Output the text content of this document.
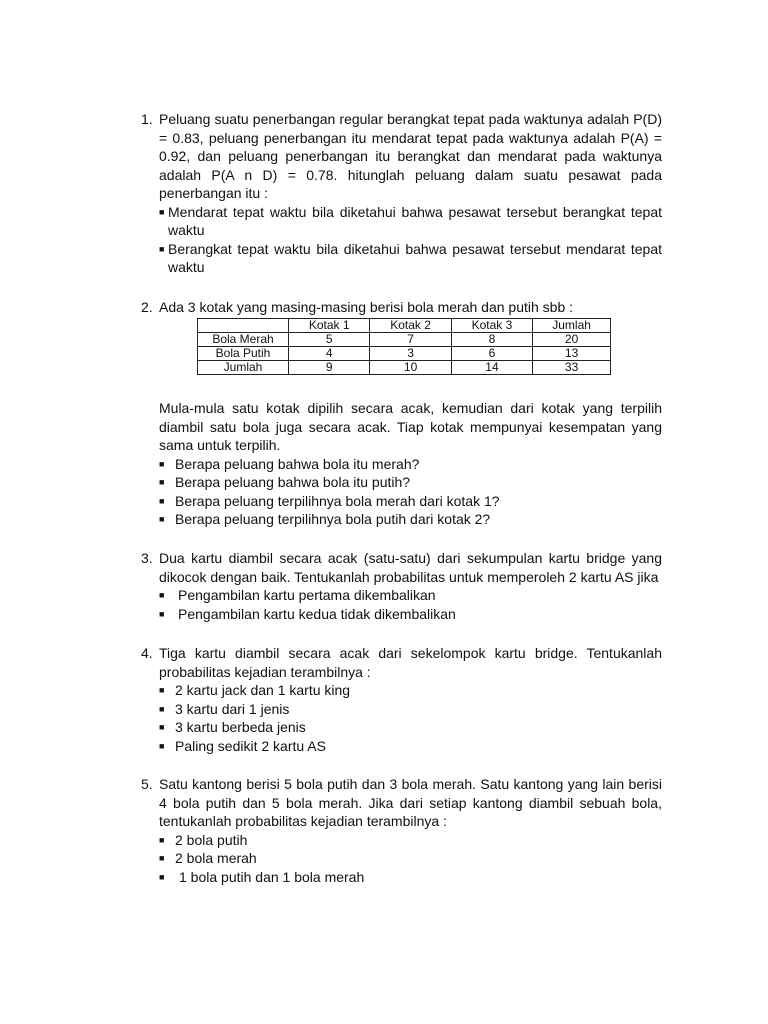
1. Peluang suatu penerbangan regular berangkat tepat pada waktunya adalah P(D) = 0.83, peluang penerbangan itu mendarat tepat pada waktunya adalah P(A) = 0.92, dan peluang penerbangan itu berangkat dan mendarat pada waktunya adalah P(A n D) = 0.78. hitunglah peluang dalam suatu pesawat pada penerbangan itu :
■ Mendarat tepat waktu bila diketahui bahwa pesawat tersebut berangkat tepat waktu
■ Berangkat tepat waktu bila diketahui bahwa pesawat tersebut mendarat tepat waktu
2. Ada 3 kotak yang masing-masing berisi bola merah dan putih sbb :
	Kotak 1	Kotak 2	Kotak 3	Jumlah
Bola Merah	5	7	8	20
Bola Putih	4	3	6	13
Jumlah	9	10	14	33
Mula-mula satu kotak dipilih secara acak, kemudian dari kotak yang terpilih diambil satu bola juga secara acak. Tiap kotak mempunyai kesempatan yang sama untuk terpilih.
■ Berapa peluang bahwa bola itu merah?
■ Berapa peluang bahwa bola itu putih?
■ Berapa peluang terpilihnya bola merah dari kotak 1?
■ Berapa peluang terpilihnya bola putih dari kotak 2?
3. Dua kartu diambil secara acak (satu-satu) dari sekumpulan kartu bridge yang dikocok dengan baik. Tentukanlah probabilitas untuk memperoleh 2 kartu AS jika
■ Pengambilan kartu pertama dikembalikan
■ Pengambilan kartu kedua tidak dikembalikan
4. Tiga kartu diambil secara acak dari sekelompok kartu bridge. Tentukanlah probabilitas kejadian terambilnya :
■ 2 kartu jack dan 1 kartu king
■ 3 kartu dari 1 jenis
■ 3 kartu berbeda jenis
■ Paling sedikit 2 kartu AS
5. Satu kantong berisi 5 bola putih dan 3 bola merah. Satu kantong yang lain berisi 4 bola putih dan 5 bola merah. Jika dari setiap kantong diambil sebuah bola, tentukanlah probabilitas kejadian terambilnya :
■ 2 bola putih
■ 2 bola merah
■ 1 bola putih dan 1 bola merah
